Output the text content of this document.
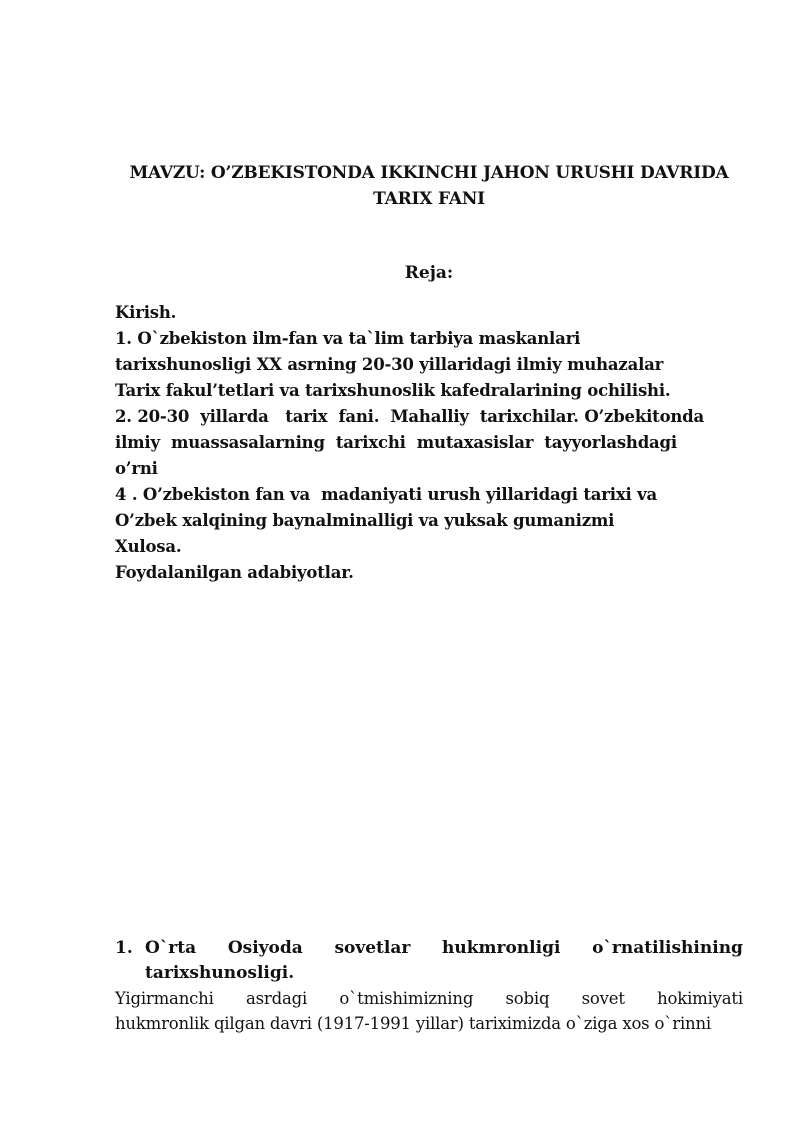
MAVZU: O’ZBEKISTONDA IKKINCHI JAHON URUSHI DAVRIDA
TARIX FANI
Reja:
Kirish.
1. O`zbekiston ilm-fan va ta`lim tarbiya maskanlari
tarixshunosligi XX asrning 20-30 yillaridagi ilmiy muhazalar
Tarix fakul’tetlari va tarixshunoslik kafedralarining ochilishi.
2. 20-30  yillarda   tarix  fani.  Mahalliy  tarixchilar. O’zbekitonda
ilmiy  muassasalarning  tarixchi  mutaxasislar  tayyorlashdagi
o’rni
4 . O’zbekiston fan va  madaniyati urush yillaridagi tarixi va
O’zbek xalqining baynalminalligi va yuksak gumanizmi
Xulosa.
Foydalanilgan adabiyotlar.
1. O`rta Osiyoda sovetlar hukmronligi o`rnatilishining
tarixshunosligi.
Yigirmanchi asrdagi o`tmishimizning sobiq sovet hokimiyati
hukmronlik qilgan davri (1917-1991 yillar) tariximizda o`ziga xos o`rinni
